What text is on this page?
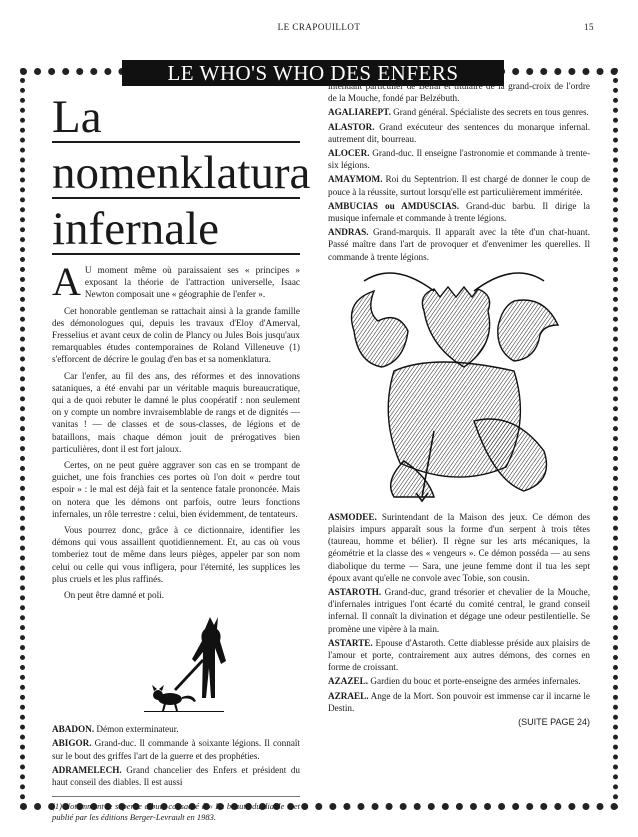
LE CRAPOUILLOT	15
LE WHO'S WHO DES ENFERS
La
nomenklatura
infernale

A U moment même où paraissaient ses « principes » exposant la théorie de l'attraction universelle, Isaac Newton composait une « géographie de l'enfer ».

Cet honorable gentleman se rattachait ainsi à la grande famille des démonologues qui, depuis les travaux d'Eloy d'Amerval, Fresselius et avant ceux de colin de Plancy ou Jules Bois jusqu'aux remarquables études contemporaines de Roland Villeneuve (1) s'efforcent de décrire le goulag d'en bas et sa nomenklatura.

Car l'enfer, au fil des ans, des réformes et des innovations sataniques, a été envahi par un véritable maquis bureaucratique, qui a de quoi rebuter le damné le plus coopératif : non seulement on y compte un nombre invraisemblable de rangs et de dignités — vanitas ! — de classes et de sous-classes, de légions et de bataillons, mais chaque démon jouit de prérogatives bien particulières, dont il est fort jaloux.

Certes, on ne peut guère aggraver son cas en se trompant de guichet, une fois franchies ces portes où l'on doit « perdre tout espoir » : le mal est déjà fait et la sentence fatale prononcée. Mais on notera que les démons ont parfois, outre leurs fonctions infernales, un rôle terrestre : celui, bien évidemment, de tentateurs.

Vous pourrez donc, grâce à ce dictionnaire, identifier les démons qui vous assaillent quotidiennement. Et, au cas où vous tomberiez tout de même dans leurs pièges, appeler par son nom celui ou celle qui vous infligera, pour l'éternité, les supplices les plus cruels et les plus raffinés.

On peut être damné et poli.

ABADON. Démon exterminateur.

ABIGOR. Grand-duc. Il commande à soixante légions. Il connaît sur le bout des griffes l'art de la guerre et des prophéties.

ADRAMELECH. Grand chancelier des Enfers et président du haut conseil des diables. Il est aussi

(1) Notamment le superbe album consacré à « La beauté du diable » et publié par les éditions Berger-Levrault en 1983.

intendant particulier de Bélial et titulaire de la grand-croix de l'ordre de la Mouche, fondé par Belzébuth.

AGALIAREPT. Grand général. Spécialiste des secrets en tous genres.

ALASTOR. Grand exécuteur des sentences du monarque infernal. autrement dit, bourreau.

ALOCER. Grand-duc. Il enseigne l'astronomie et commande à trente-six légions.

AMAYMOM. Roi du Septentrion. Il est chargé de donner le coup de pouce à la réussite, surtout lorsqu'elle est particulièrement imméritée.

AMBUCIAS ou AMDUSCIAS. Grand-duc barbu. Il dirige la musique infernale et commande à trente légions.

ANDRAS. Grand-marquis. Il apparaît avec la tête d'un chat-huant. Passé maître dans l'art de provoquer et d'envenimer les querelles. Il commande à trente légions.

ASMODEE. Surintendant de la Maison des jeux. Ce démon des plaisirs impurs apparaît sous la forme d'un serpent à trois têtes (taureau, homme et bélier). Il règne sur les arts mécaniques, la géométrie et la classe des « vengeurs ». Ce démon posséda — au sens diabolique du terme — Sara, une jeune femme dont il tua les sept époux avant qu'elle ne convole avec Tobie, son cousin.

ASTAROTH. Grand-duc, grand trésorier et chevalier de la Mouche, d'infernales intrigues l'ont écarté du comité central, le grand conseil infernal. Il connaît la divination et dégage une odeur pestilentielle. Se promène une vipère à la main.

ASTARTE. Epouse d'Astaroth. Cette diablesse préside aux plaisirs de l'amour et porte, contrairement aux autres démons, des cornes en forme de croissant.

AZAZEL. Gardien du bouc et porte-enseigne des armées infernales.

AZRAEL. Ange de la Mort. Son pouvoir est immense car il incarne le Destin.

(SUITE PAGE 24)
